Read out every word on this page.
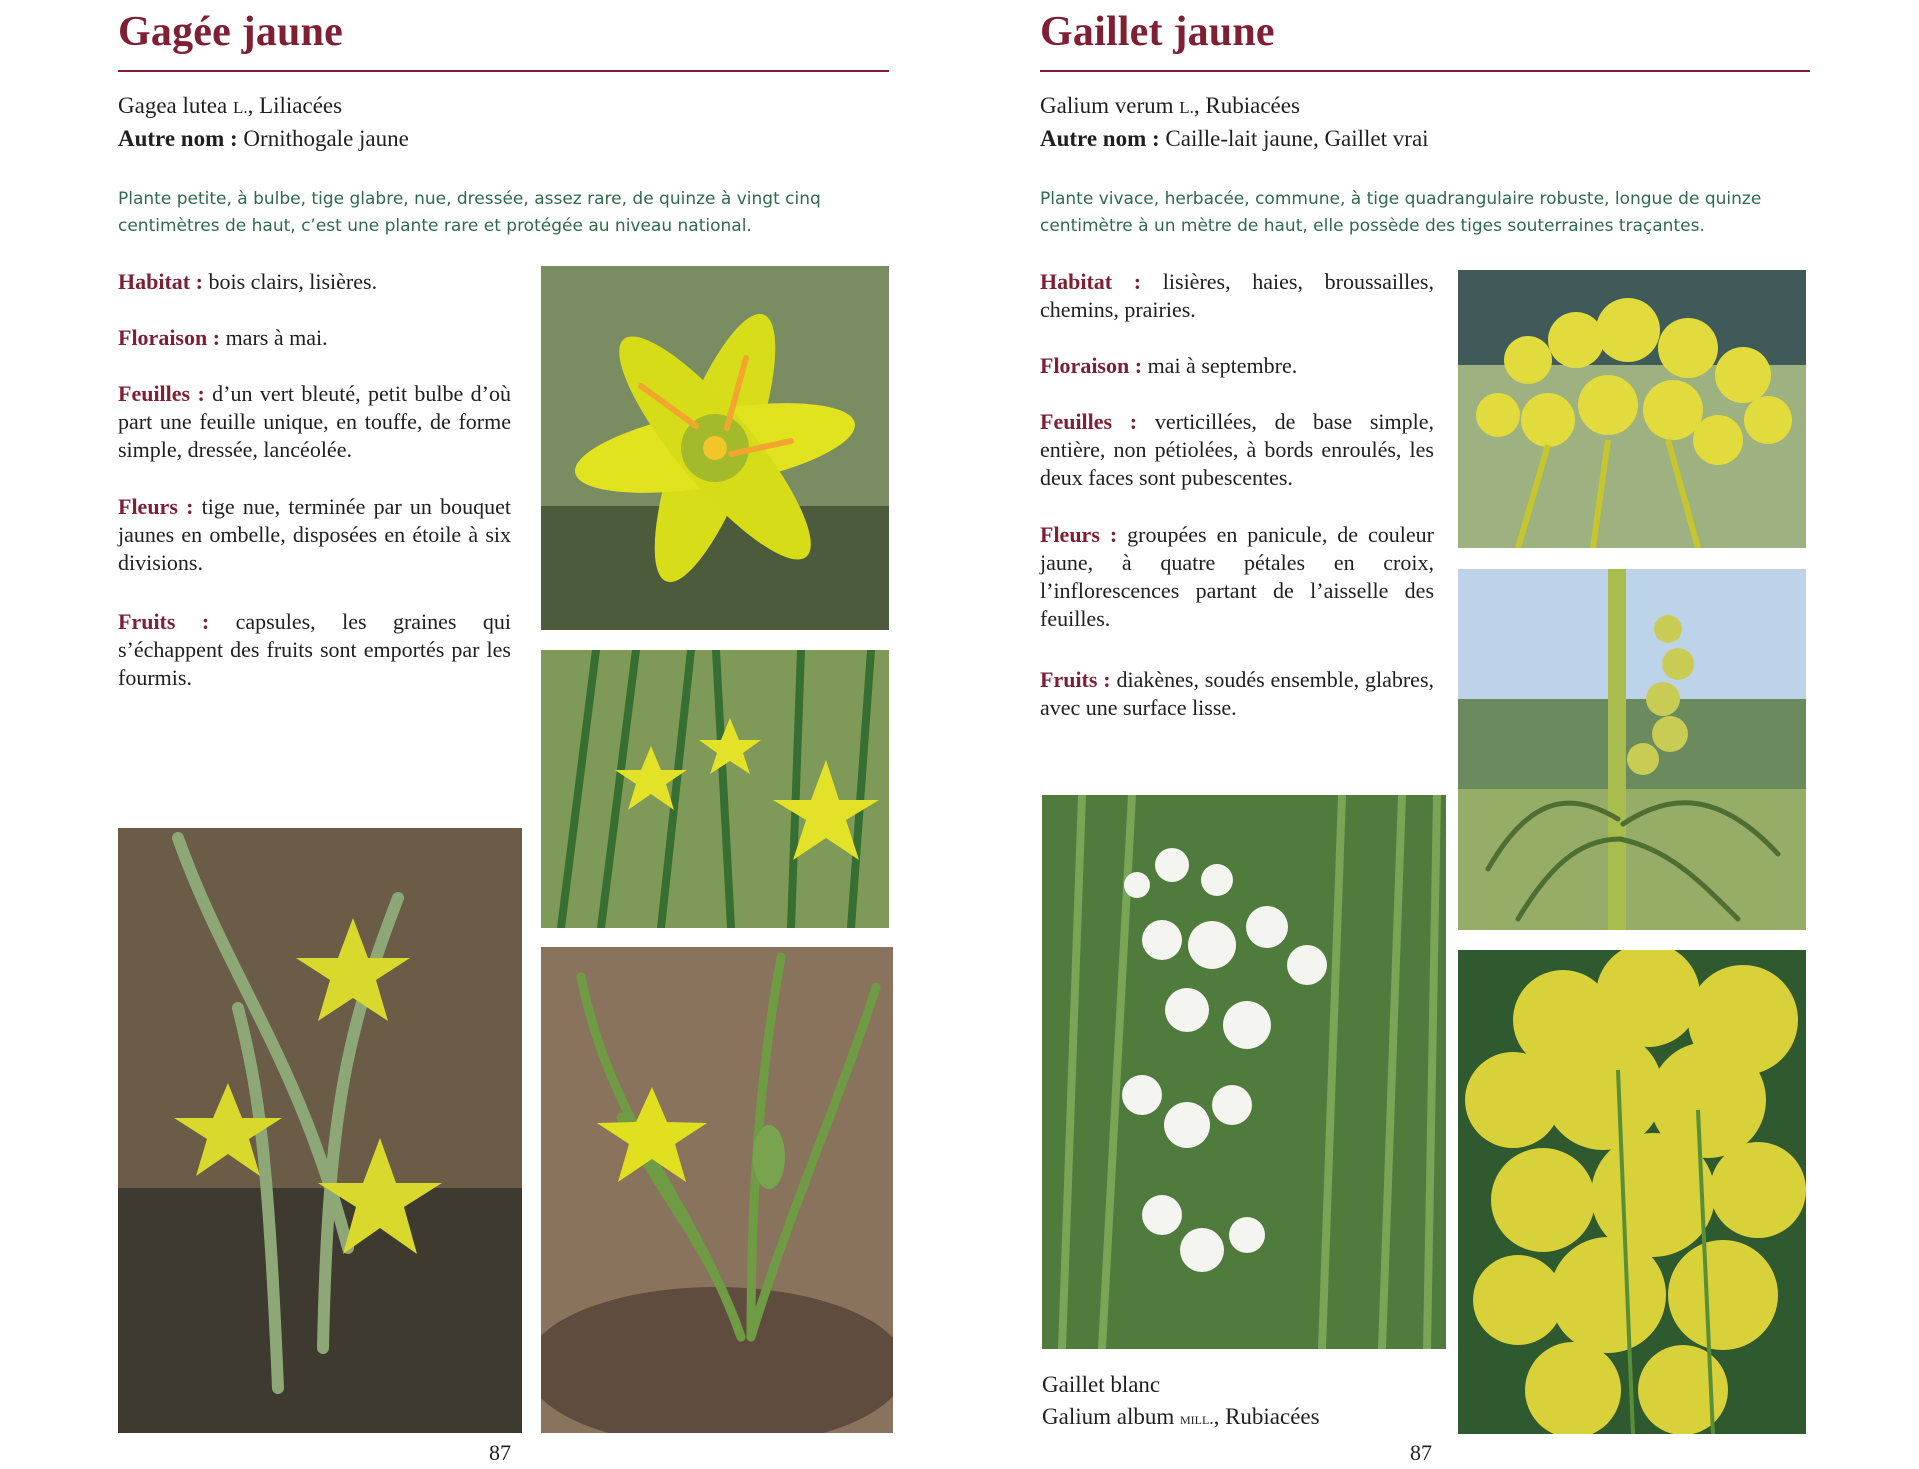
Gagée jaune
Gagea lutea L., Liliacées
Autre nom : Ornithogale jaune

Plante petite, à bulbe, tige glabre, nue, dressée, assez rare, de quinze à vingt cinq centimètres de haut, c’est une plante rare et protégée au niveau national.

Habitat : bois clairs, lisières.
Floraison : mars à mai.
Feuilles : d’un vert bleuté, petit bulbe d’où part une feuille unique, en touffe, de forme simple, dressée, lancéolée.
Fleurs : tige nue, terminée par un bouquet jaunes en ombelle, disposées en étoile à six divisions.
Fruits : capsules, les graines qui s’échappent des fruits sont emportés par les fourmis.
87
Gaillet jaune
Galium verum L., Rubiacées
Autre nom : Caille-lait jaune, Gaillet vrai

Plante vivace, herbacée, commune, à tige quadrangulaire robuste, longue de quinze centimètre à un mètre de haut, elle possède des tiges souterraines traçantes.

Habitat : lisières, haies, broussailles, chemins, prairies.
Floraison : mai à septembre.
Feuilles : verticillées, de base simple, entière, non pétiolées, à bords enroulés, les deux faces sont pubescentes.
Fleurs : groupées en panicule, de couleur jaune, à quatre pétales en croix, l’inflorescences partant de l’aisselle des feuilles.
Fruits : diakènes, soudés ensemble, glabres, avec une surface lisse.
Gaillet blanc
Galium album mill., Rubiacées
87
